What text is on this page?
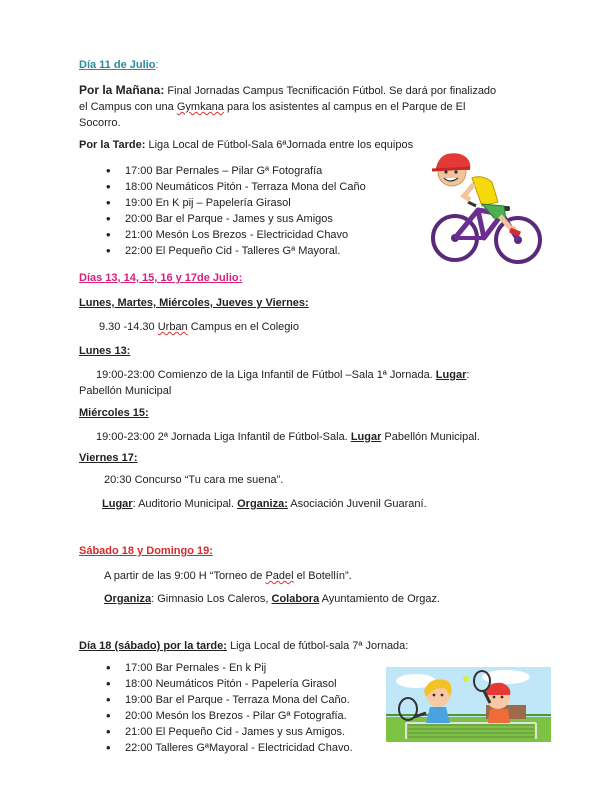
Día 11 de Julio:
Por la Mañana: Final Jornadas Campus Tecnificación Fútbol. Se dará por finalizado
el Campus con una Gymkana para los asistentes al campus en el Parque de El
Socorro.
Por la Tarde: Liga Local de Fútbol-Sala 6ªJornada entre los equipos
• 17:00 Bar Pernales – Pilar Gª Fotografía
• 18:00 Neumáticos Pitón - Terraza Mona del Caño
• 19:00 En K pij – Papelería Girasol
• 20:00 Bar el Parque - James y sus Amigos
• 21:00 Mesón Los Brezos - Electricidad Chavo
• 22:00 El Pequeño Cid - Talleres Gª Mayoral.
Días 13, 14, 15, 16 y 17de Julio:
Lunes, Martes, Miércoles, Jueves y Viernes:
9.30 -14.30 Urban Campus en el Colegio
Lunes 13:
19:00-23:00 Comienzo de la Liga Infantil de Fútbol –Sala 1ª Jornada. Lugar:
Pabellón Municipal
Miércoles 15:
19:00-23:00 2ª Jornada Liga Infantil de Fútbol-Sala. Lugar Pabellón Municipal.
Viernes 17:
20:30 Concurso “Tu cara me suena”.
Lugar: Auditorio Municipal. Organiza: Asociación Juvenil Guaraní.
Sábado 18 y Domingo 19:
A partir de las 9:00 H “Torneo de Padel el Botellín”.
Organiza: Gimnasio Los Caleros, Colabora Ayuntamiento de Orgaz.
Día 18 (sábado) por la tarde: Liga Local de fútbol-sala 7ª Jornada:
• 17:00 Bar Pernales - En k Pij
• 18:00 Neumáticos Pitón - Papelería Girasol
• 19:00 Bar el Parque - Terraza Mona del Caño.
• 20:00 Mesón los Brezos - Pilar Gª Fotografía.
• 21:00 El Pequeño Cid - James y sus Amigos.
• 22:00 Talleres GªMayoral - Electricidad Chavo.
